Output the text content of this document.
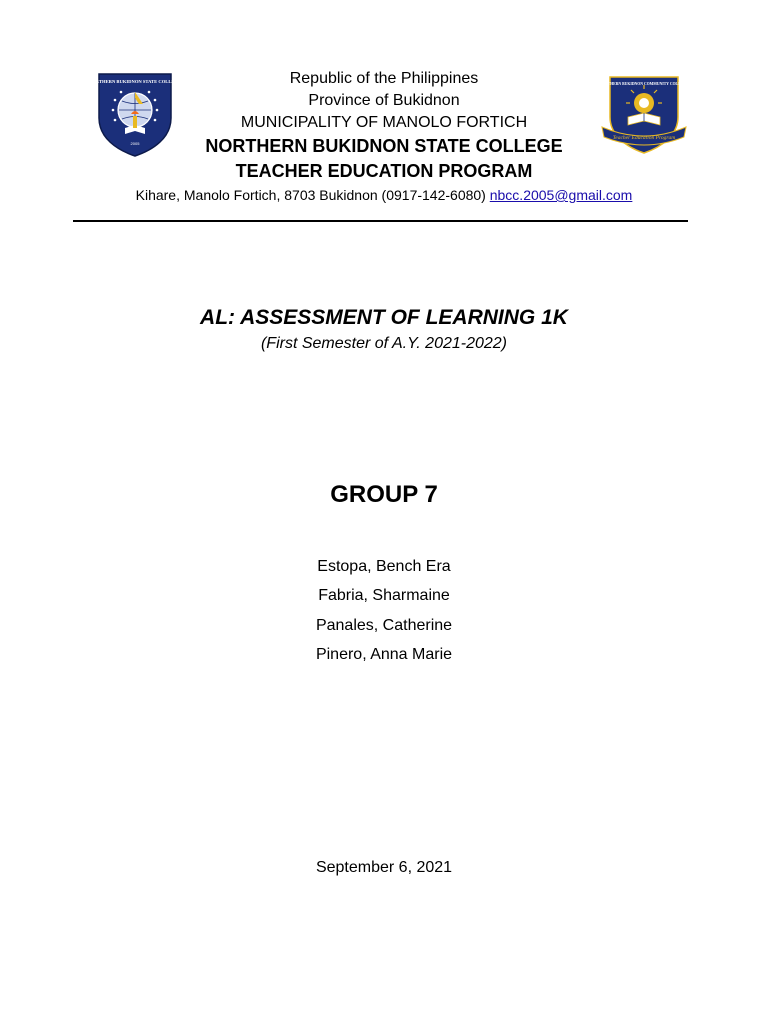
NORTHERN BUKIDNON STATE COLLEGE
2005
NORTHERN BUKIDNON COMMUNITY COLLEGE
Teacher Education Program
Republic of the Philippines
Province of Bukidnon
MUNICIPALITY OF MANOLO FORTICH
NORTHERN BUKIDNON STATE COLLEGE
TEACHER EDUCATION PROGRAM
Kihare, Manolo Fortich, 8703 Bukidnon (0917-142-6080) nbcc.2005@gmail.com
AL: ASSESSMENT OF LEARNING 1K
(First Semester of A.Y. 2021-2022)
GROUP 7
Estopa, Bench Era
Fabria, Sharmaine
Panales, Catherine
Pinero, Anna Marie
September 6, 2021
